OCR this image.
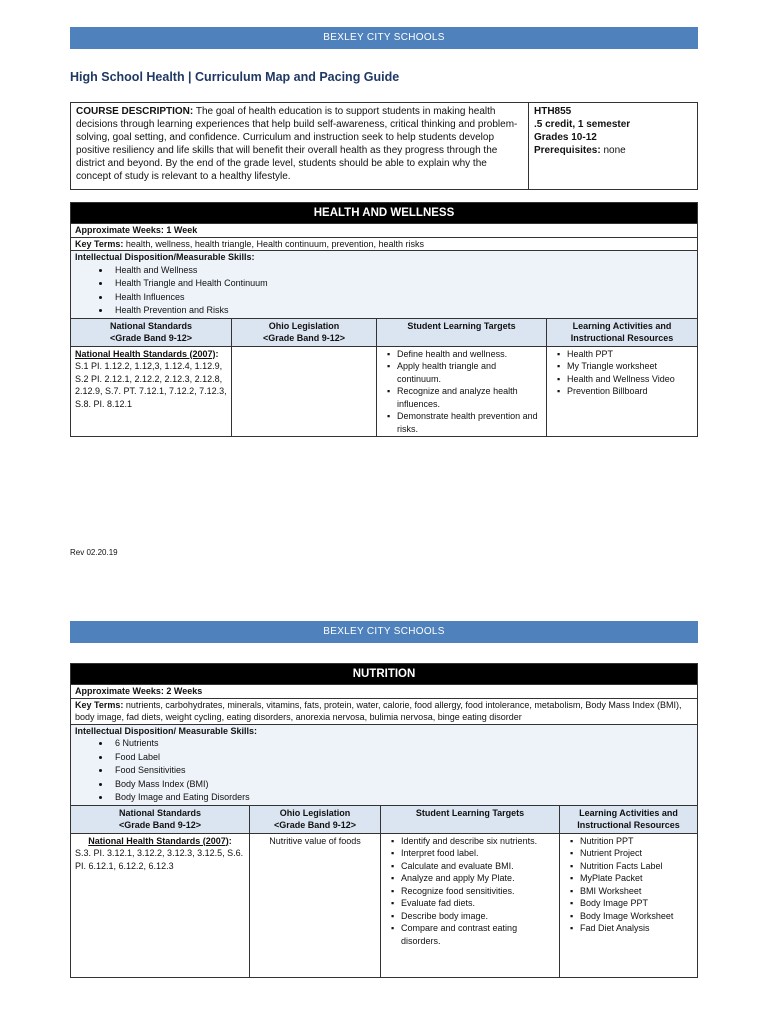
BEXLEY CITY SCHOOLS
High School Health | Curriculum Map and Pacing Guide
COURSE DESCRIPTION: The goal of health education is to support students in making health decisions through learning experiences that help build self-awareness, critical thinking and problem-solving, goal setting, and confidence. Curriculum and instruction seek to help students develop positive resiliency and life skills that will benefit their overall health as they progress through the district and beyond. By the end of the grade level, students should be able to explain why the concept of study is relevant to a healthy lifestyle.
HTH855
.5 credit, 1 semester
Grades 10-12
Prerequisites: none
HEALTH AND WELLNESS
Approximate Weeks: 1 Week
Key Terms: health, wellness, health triangle, Health continuum, prevention, health risks
Intellectual Disposition/Measurable Skills:
• Health and Wellness
• Health Triangle and Health Continuum
• Health Influences
• Health Prevention and Risks
National Standards
<Grade Band 9-12>
Ohio Legislation
<Grade Band 9-12>
Student Learning Targets	Learning Activities and
Instructional Resources
National Health Standards (2007): S.1 PI. 1.12.2, 1.12,3, 1.12.4, 1.12.9, S.2 PI. 2.12.1, 2.12.2, 2.12.3, 2.12.8, 2.12.9, S.7. PT. 7.12.1, 7.12.2, 7.12.3, S.8. PI. 8.12.1
▪ Define health and wellness.
▪ Apply health triangle and continuum.
▪ Recognize and analyze health influences.
▪ Demonstrate health prevention and risks.
▪ Health PPT
▪ My Triangle worksheet
▪ Health and Wellness Video
▪ Prevention Billboard
Rev 02.20.19
BEXLEY CITY SCHOOLS
NUTRITION
Approximate Weeks: 2 Weeks
Key Terms: nutrients, carbohydrates, minerals, vitamins, fats, protein, water, calorie, food allergy, food intolerance, metabolism, Body Mass Index (BMI), body image, fad diets, weight cycling, eating disorders, anorexia nervosa, bulimia nervosa, binge eating disorder
Intellectual Disposition/ Measurable Skills:
• 6 Nutrients
• Food Label
• Food Sensitivities
• Body Mass Index (BMI)
• Body Image and Eating Disorders
National Standards
<Grade Band 9-12>
Ohio Legislation
<Grade Band 9-12>
Student Learning Targets	Learning Activities and
Instructional Resources
National Health Standards (2007):
S.3. PI. 3.12.1, 3.12.2, 3.12.3, 3.12.5, S.6. PI. 6.12.1, 6.12.2, 6.12.3
Nutritive value of foods
▪	Identify and describe six nutrients.
▪ Interpret food label.
▪ Calculate and evaluate BMI.
▪ Analyze and apply My Plate.
▪ Recognize food sensitivities.
▪ Evaluate fad diets.
▪ Describe body image.
▪ Compare and contrast eating disorders.
▪ Nutrition PPT
▪ Nutrient Project
▪ Nutrition Facts Label
▪ MyPlate Packet
▪ BMI Worksheet
▪ Body Image PPT
▪ Body Image Worksheet
▪ Fad Diet Analysis
